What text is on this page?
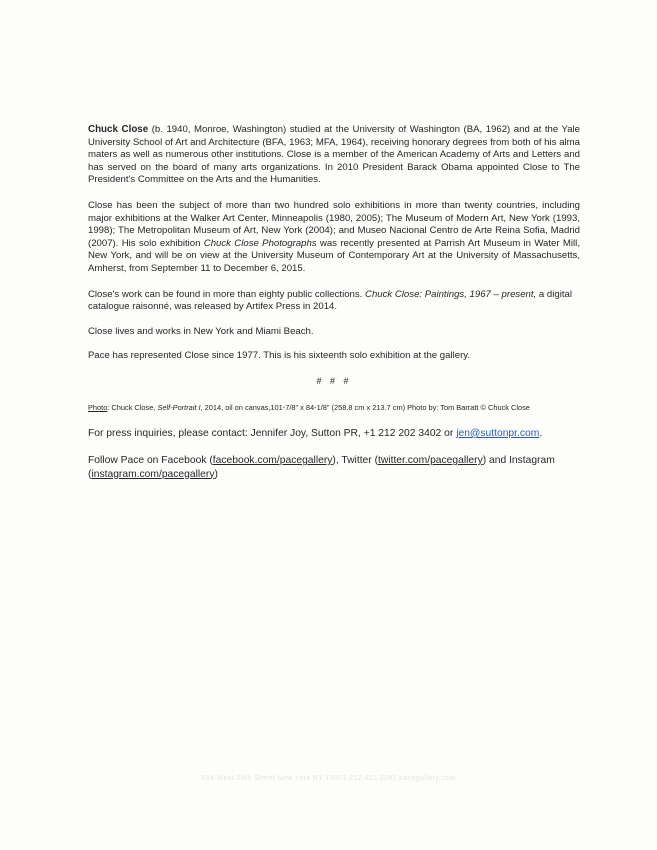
Chuck Close (b. 1940, Monroe, Washington) studied at the University of Washington (BA, 1962) and at the Yale University School of Art and Architecture (BFA, 1963; MFA, 1964), receiving honorary degrees from both of his alma maters as well as numerous other institutions. Close is a member of the American Academy of Arts and Letters and has served on the board of many arts organizations. In 2010 President Barack Obama appointed Close to The President's Committee on the Arts and the Humanities.

Close has been the subject of more than two hundred solo exhibitions in more than twenty countries, including major exhibitions at the Walker Art Center, Minneapolis (1980, 2005); The Museum of Modern Art, New York (1993, 1998); The Metropolitan Museum of Art, New York (2004); and Museo Nacional Centro de Arte Reina Sofia, Madrid (2007). His solo exhibition Chuck Close Photographs was recently presented at Parrish Art Museum in Water Mill, New York, and will be on view at the University Museum of Contemporary Art at the University of Massachusetts, Amherst, from September 11 to December 6, 2015.

Close's work can be found in more than eighty public collections. Chuck Close: Paintings, 1967 – present, a digital catalogue raisonné, was released by Artifex Press in 2014.

Close lives and works in New York and Miami Beach.

Pace has represented Close since 1977. This is his sixteenth solo exhibition at the gallery.

# # #

Photo: Chuck Close, Self-Portrait I, 2014, oil on canvas,101-7/8" x 84-1/8" (258.8 cm x 213.7 cm) Photo by: Tom Barratt © Chuck Close

For press inquiries, please contact: Jennifer Joy, Sutton PR, +1 212 202 3402 or jen@suttonpr.com.

Follow Pace on Facebook (facebook.com/pacegallery), Twitter (twitter.com/pacegallery) and Instagram (instagram.com/pacegallery)

534 West 25th Street New York NY 10001 212.421.3292 pacegallery.com
